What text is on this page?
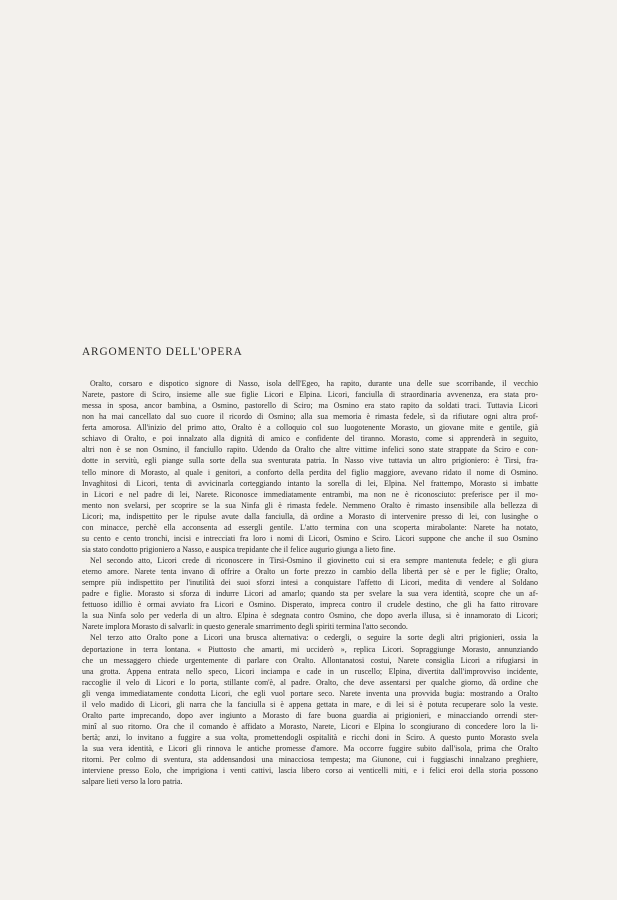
ARGOMENTO DELL'OPERA
Oralto, corsaro e dispotico signore di Nasso, isola dell'Egeo, ha rapito, durante una delle sue scorribande, il vecchio
Narete, pastore di Sciro, insieme alle sue figlie Licori e Elpina. Licori, fanciulla di straordinaria avvenenza, era stata pro-
messa in sposa, ancor bambina, a Osmino, pastorello di Sciro; ma Osmino era stato rapito da soldati traci. Tuttavia Licori
non ha mai cancellato dal suo cuore il ricordo di Osmino; alla sua memoria è rimasta fedele, sì da rifiutare ogni altra prof-
ferta amorosa. All'inizio del primo atto, Oralto è a colloquio col suo luogotenente Morasto, un giovane mite e gentile, già
schiavo di Oralto, e poi innalzato alla dignità di amico e confidente del tiranno. Morasto, come si apprenderà in seguito,
altri non è se non Osmino, il fanciullo rapito. Udendo da Oralto che altre vittime infelici sono state strappate da Sciro e con-
dotte in servitù, egli piange sulla sorte della sua sventurata patria. In Nasso vive tuttavia un altro prigioniero: è Tirsi, fra-
tello minore di Morasto, al quale i genitori, a conforto della perdita del figlio maggiore, avevano ridato il nome di Osmino.
Invaghitosi di Licori, tenta di avvicinarla corteggiando intanto la sorella di lei, Elpina. Nel frattempo, Morasto si imbatte
in Licori e nel padre di lei, Narete. Riconosce immediatamente entrambi, ma non ne è riconosciuto: preferisce per il mo-
mento non svelarsi, per scoprire se la sua Ninfa gli è rimasta fedele. Nemmeno Oralto è rimasto insensibile alla bellezza di
Licori; ma, indispettito per le ripulse avute dalla fanciulla, dà ordine a Morasto di intervenire presso di lei, con lusinghe o
con minacce, perchè ella acconsenta ad essergli gentile. L'atto termina con una scoperta mirabolante: Narete ha notato,
su cento e cento tronchi, incisi e intrecciati fra loro i nomi di Licori, Osmino e Sciro. Licori suppone che anche il suo Osmino
sia stato condotto prigioniero a Nasso, e auspica trepidante che il felice augurio giunga a lieto fine.
Nel secondo atto, Licori crede di riconoscere in Tirsi-Osmino il giovinetto cui si era sempre mantenuta fedele; e gli giura
eterno amore. Narete tenta invano di offrire a Oralto un forte prezzo in cambio della libertà per sè e per le figlie; Oralto,
sempre più indispettito per l'inutilità dei suoi sforzi intesi a conquistare l'affetto di Licori, medita di vendere al Soldano
padre e figlie. Morasto si sforza di indurre Licori ad amarlo; quando sta per svelare la sua vera identità, scopre che un af-
fettuoso idillio è ormai avviato fra Licori e Osmino. Disperato, impreca contro il crudele destino, che gli ha fatto ritrovare
la sua Ninfa solo per vederla di un altro. Elpina è sdegnata contro Osmino, che dopo averla illusa, si è innamorato di Licori;
Narete implora Morasto di salvarli: in questo generale smarrimento degli spiriti termina l'atto secondo.
Nel terzo atto Oralto pone a Licori una brusca alternativa: o cedergli, o seguire la sorte degli altri prigionieri, ossia la
deportazione in terra lontana. « Piuttosto che amarti, mi ucciderò », replica Licori. Sopraggiunge Morasto, annunziando
che un messaggero chiede urgentemente di parlare con Oralto. Allontanatosi costui, Narete consiglia Licori a rifugiarsi in
una grotta. Appena entrata nello speco, Licori inciampa e cade in un ruscello; Elpina, divertita dall'improvviso incidente,
raccoglie il velo di Licori e lo porta, stillante com'è, al padre. Oralto, che deve assentarsi per qualche giorno, dà ordine che
gli venga immediatamente condotta Licori, che egli vuol portare seco. Narete inventa una provvida bugia: mostrando a Oralto
il velo madido di Licori, gli narra che la fanciulla si è appena gettata in mare, e di lei si è potuta recuperare solo la veste.
Oralto parte imprecando, dopo aver ingiunto a Morasto di fare buona guardia ai prigionieri, e minacciando orrendi ster-
minî al suo ritorno. Ora che il comando è affidato a Morasto, Narete, Licori e Elpina lo scongiurano di concedere loro la li-
bertà; anzi, lo invitano a fuggire a sua volta, promettendogli ospitalità e ricchi doni in Sciro. A questo punto Morasto svela
la sua vera identità, e Licori gli rinnova le antiche promesse d'amore. Ma occorre fuggire subito dall'isola, prima che Oralto
ritorni. Per colmo di sventura, sta addensandosi una minacciosa tempesta; ma Giunone, cui i fuggiaschi innalzano preghiere,
interviene presso Eolo, che imprigiona i venti cattivi, lascia libero corso ai venticelli miti, e i felici eroi della storia possono
salpare lieti verso la loro patria.
